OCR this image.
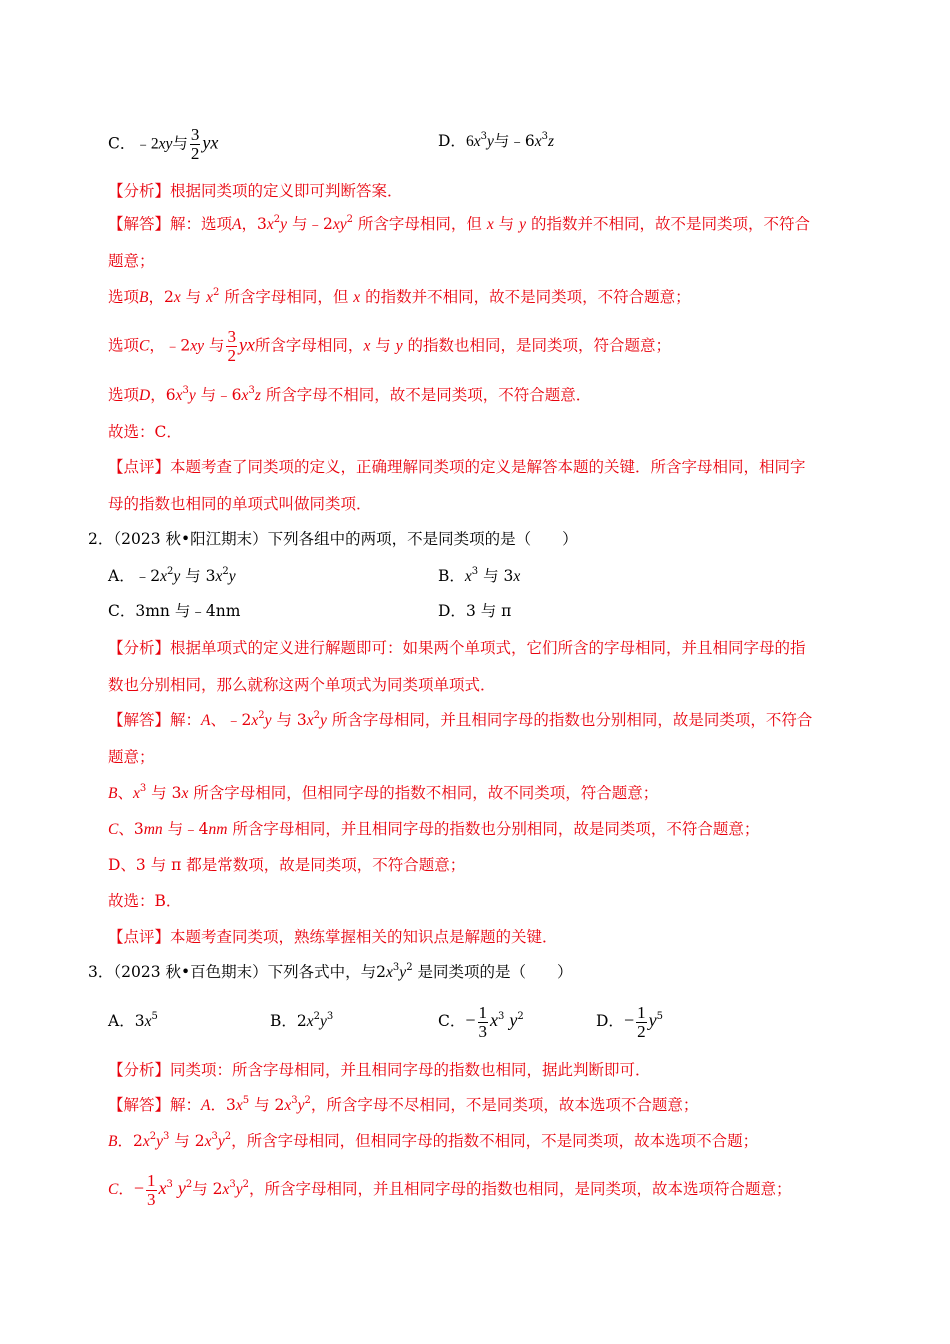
C．﹣2xy与 $\frac{3}{2}$ yx	D．$6x^3y$与$﹣6x^3z$
【分析】根据同类项的定义即可判断答案．
【解答】解：选项A，$3x^2y$ 与$﹣2xy^2$ 所含字母相同，但 x 与 y 的指数并不相同，故不是同类项，不符合
题意；
选项B，2x 与 $x^2$ 所含字母相同，但 x 的指数并不相同，故不是同类项，不符合题意；
选项C，﹣2xy 与 $\frac{3}{2}$ yx所含字母相同，x 与 y 的指数也相同，是同类项，符合题意；
选项D，$6x^3y$ 与$﹣6x^3z$ 所含字母不相同，故不是同类项，不符合题意．
故选：C．
【点评】本题考查了同类项的定义，正确理解同类项的定义是解答本题的关键．所含字母相同，相同字
母的指数也相同的单项式叫做同类项．
2．（2023 秋•阳江期末）下列各组中的两项，不是同类项的是（　　）
A．$﹣2x^2y$ 与 $3x^2y$	B．$x^3$ 与 3x
C．3mn 与﹣4nm	D．3 与 π
【分析】根据单项式的定义进行解题即可：如果两个单项式，它们所含的字母相同，并且相同字母的指
数也分别相同，那么就称这两个单项式为同类项单项式．
【解答】解：A、$﹣2x^2y$ 与 $3x^2y$ 所含字母相同，并且相同字母的指数也分别相同，故是同类项，不符合
题意；
B、$x^3$ 与 3x 所含字母相同，但相同字母的指数不相同，故不同类项，符合题意；
C、3mn 与﹣4nm 所含字母相同，并且相同字母的指数也分别相同，故是同类项，不符合题意；
D、3 与 π 都是常数项，故是同类项，不符合题意；
故选：B．
【点评】本题考查同类项，熟练掌握相关的知识点是解题的关键．
3．（2023 秋•百色期末）下列各式中，与$2x^3y^2$ 是同类项的是（　　）
A．$3x^5$	B．$2x^2y^3$	C．− $\frac{1}{3} x^3$ $y^2$	D．− $\frac{1}{2} y^5$
【分析】同类项：所含字母相同，并且相同字母的指数也相同，据此判断即可．
【解答】解：A．$3x^5$ 与 $2x^3y^2$，所含字母不尽相同，不是同类项，故本选项不合题意；
B．$2x^2y^3$ 与 $2x^3y^2$，所含字母相同，但相同字母的指数不相同，不是同类项，故本选项不合题；
C．− $\frac{1}{3} x^3$ $y^2$与 $2x^3y^2$，所含字母相同，并且相同字母的指数也相同，是同类项，故本选项符合题意；
